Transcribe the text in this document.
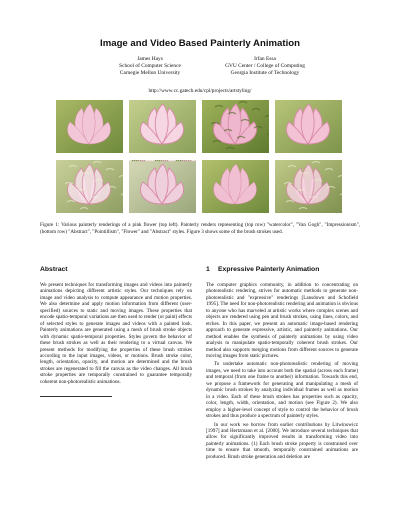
Image and Video Based Painterly Animation
James Hays
School of Computer Science
Carnegie Mellon University
Irfan Essa
GVU Center / College of Computing
Georgia Institute of Technology
http://www.cc.gatech.edu/cpl/projects/artstyling/
Figure 1: Various painterly renderings of a pink flower (top left). Painterly renders representing (top row) "watercolor", "Van Gogh", "Impressionism", (bottom row) "Abstract", "Pointillism", "Flower" and "Abstract" styles. Figure 3 shows some of the brush strokes used.
Abstract	1 Expressive Painterly Animation

We present techniques for transforming images and videos into painterly animations depicting different artistic styles. Our techniques rely on image and video analysis to compute appearance and motion properties. We also determine and apply motion information from different (user-specified) sources to static and moving images. These properties that encode spatio-temporal variations are then used to render (or paint) effects of selected styles to generate images and videos with a painted look. Painterly animations are generated using a mesh of brush stroke objects with dynamic spatio-temporal properties. Styles govern the behavior of these brush strokes as well as their rendering to a virtual canvas. We present methods for modifying the properties of these brush strokes according to the input images, videos, or motions. Brush stroke color, length, orientation, opacity, and motion are determined and the brush strokes are regenerated to fill the canvas as the video changes. All brush stroke properties are temporally constrained to guarantee temporally coherent non-photorealistic animations.

The computer graphics community, in addition to concentrating on photorealistic rendering, strives for automatic methods to generate non-photorealistic and "expressive" renderings [Lansdown and Schofield 1995]. The need for non-photorealistic rendering and animation is obvious to anyone who has marveled at artistic works where complex scenes and objects are rendered using pen and brush strokes, using lines, colors, and etches. In this paper, we present an automatic image-based rendering approach to generate expressive, artistic, and painterly animations. Our method enables the synthesis of painterly animations by using video analysis to manipulate spatio-temporally coherent brush strokes. Our method also supports merging motions from different sources to generate moving images from static pictures.

To undertake automatic non-photorealistic rendering of moving images, we need to take into account both the spatial (across each frame) and temporal (from one frame to another) information. Towards this end, we propose a framework for generating and manipulating a mesh of dynamic brush strokes by analyzing individual frames as well as motion in a video. Each of these brush strokes has properties such as opacity, color, length, width, orientation, and motion (see Figure 2). We also employ a higher-level concept of style to control the behavior of brush strokes and thus produce a spectrum of painterly styles.

In our work we borrow from earlier contributions by Litwinowicz [1997] and Hertzmann et al. [2000]. We introduce several techniques that allow for significantly improved results in transforming video into painterly animations. (1) Each brush stroke property is constrained over time to ensure that smooth, temporally constrained animations are produced. Brush stroke generation and deletion are
